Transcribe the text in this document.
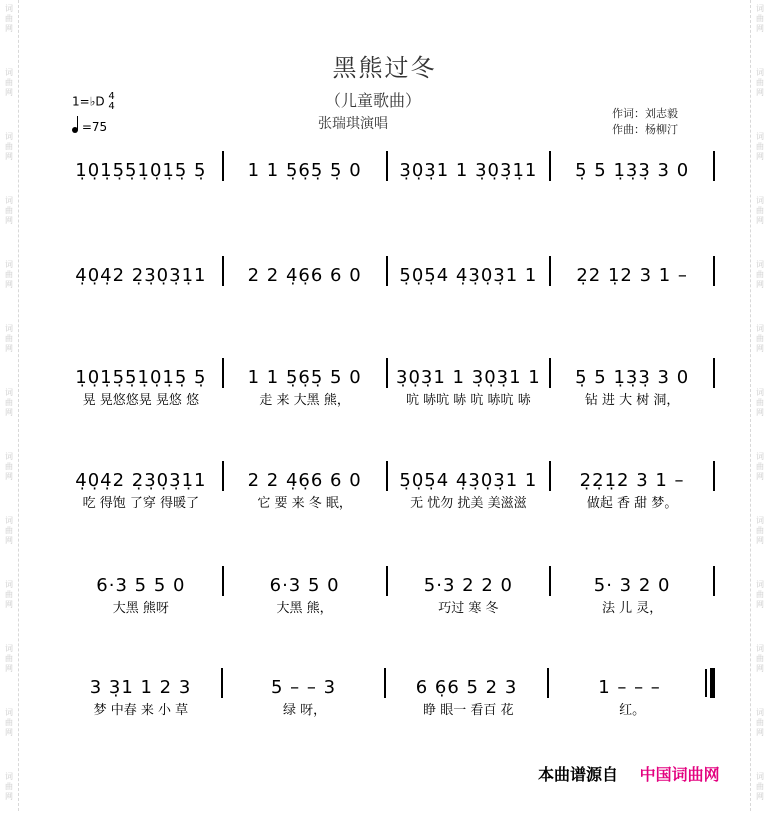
词
曲
网
词
曲
网
词
曲
网
词
曲
网
词
曲
网
词
曲
网
词
曲
网
词
曲
网
词
曲
网
词
曲
网
词
曲
网
词
曲
网
词
曲
网
词
曲
网
词
曲
网
词
曲
网
词
曲
网
词
曲
网
词
曲
网
词
曲
网
词
曲
网
词
曲
网
词
曲
网
词
曲
网
词
曲
网
词
曲
网
黑熊过冬
（儿童歌曲）
张瑞琪演唱
作词：刘志毅
作曲：杨柳汀
1=♭D 4
4
=75
1̣0̣1̣5̣5̣1̣0̣1̣5̣ 5̣	1 1 5̣6̣5̣ 5̣ 0	3̣0̣3̣1 1 3̣0̣3̣1̣1	5̣ 5 1̣3̣3̣ 3 0
4̣0̣4̣2 2̣3̣0̣3̣1̣1	2 2 4̣6̣6 6 0	5̣0̣5̣4 4̣3̣0̣3̣1 1	2̣2 1̣2 3 1 –
1̣0̣1̣5̣5̣1̣0̣1̣5̣ 5̣	1 1 5̣6̣5̣ 5 0	3̣0̣3̣1 1 3̣0̣3̣1 1	5̣ 5 1̣3̣3̣ 3 0
晃 晃悠悠晃 晃悠 悠	走 来 大黑 熊，	吭 哧吭 哧 吭 哧吭 哧	钻 进 大 树 洞，
4̣0̣4̣2 2̣3̣0̣3̣1̣1	2 2 4̣6̣6 6 0	5̣0̣5̣4 4̣3̣0̣3̣1 1	2̣2̣1̣2 3 1 –
吃 得饱 了穿 得暖了	它 要 来 冬 眠，	无 忧勿 扰美 美滋滋	做起 香 甜 梦。
6·3 5 5 0	6·3 5 0	5·3 2 2 0	5· 3 2 0
大黑 熊呀	大黑 熊，	巧过 寒 冬	法 儿 灵，
3 3̣1 1 2 3	5 – – 3	6 6̣6 5 2 3	1 – – –
梦 中春 来 小 草	绿 呀，	睁 眼一 看百 花	红。
本曲谱源自 中国词曲网
